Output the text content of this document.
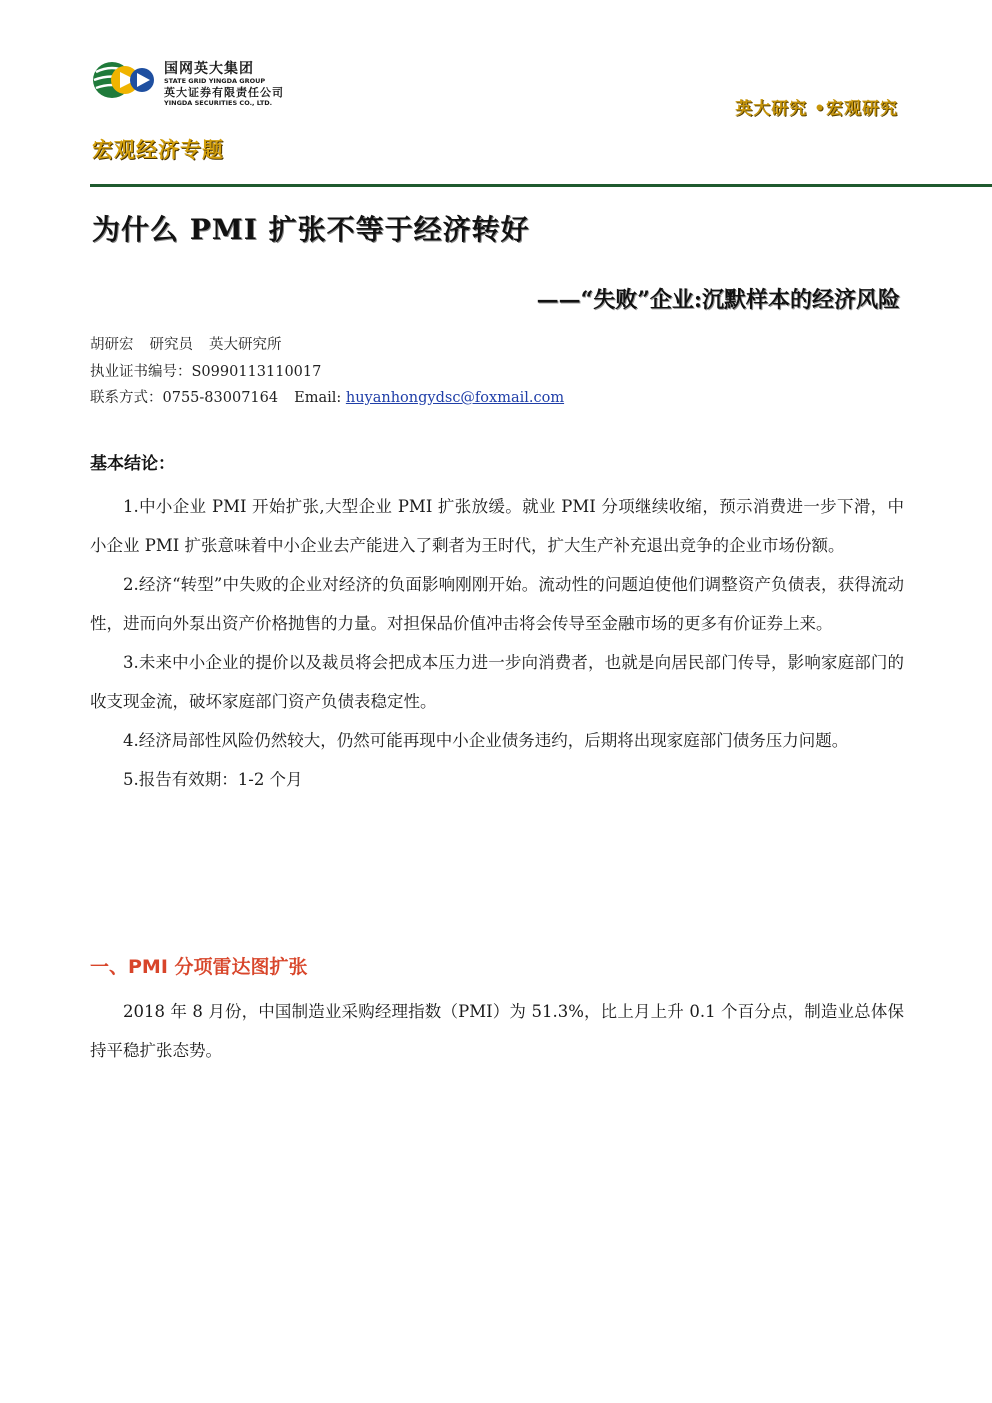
国网英大集团
STATE GRID YINGDA GROUP
英大证券有限责任公司
YINGDA SECURITIES CO., LTD.	英大研究 •宏观研究
宏观经济专题
为什么 PMI 扩张不等于经济转好
——“失败”企业:沉默样本的经济风险
胡研宏 研究员 英大研究所
执业证书编号：S0990113110017
联系方式：0755-83007164 Email: huyanhongydsc@foxmail.com
基本结论：

1.中小企业 PMI 开始扩张,大型企业 PMI 扩张放缓。就业 PMI 分项继续收缩，预示消费进一步下滑，中小企业 PMI 扩张意味着中小企业去产能进入了剩者为王时代，扩大生产补充退出竞争的企业市场份额。

2.经济“转型”中失败的企业对经济的负面影响刚刚开始。流动性的问题迫使他们调整资产负债表，获得流动性，进而向外泵出资产价格抛售的力量。对担保品价值冲击将会传导至金融市场的更多有价证券上来。

3.未来中小企业的提价以及裁员将会把成本压力进一步向消费者，也就是向居民部门传导，影响家庭部门的收支现金流，破坏家庭部门资产负债表稳定性。

4.经济局部性风险仍然较大，仍然可能再现中小企业债务违约，后期将出现家庭部门债务压力问题。

5.报告有效期：1-2 个月

一、PMI 分项雷达图扩张

2018 年 8 月份，中国制造业采购经理指数（PMI）为 51.3%，比上月上升 0.1 个百分点，制造业总体保持平稳扩张态势。
